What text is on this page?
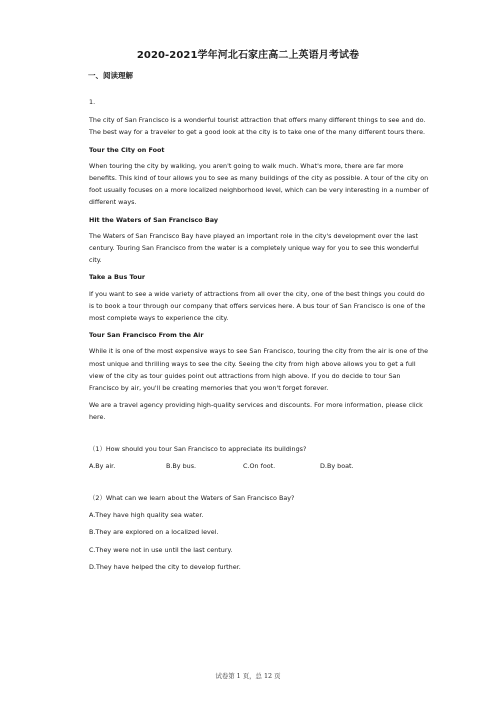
2020-2021学年河北石家庄高二上英语月考试卷
一、阅读理解

1.

The city of San Francisco is a wonderful tourist attraction that offers many different things to see and do. The best way for a traveler to get a good look at the city is to take one of the many different tours there.

Tour the City on Foot

When touring the city by walking, you aren't going to walk much. What's more, there are far more benefits. This kind of tour allows you to see as many buildings of the city as possible. A tour of the city on foot usually focuses on a more localized neighborhood level, which can be very interesting in a number of different ways.

Hit the Waters of San Francisco Bay

The Waters of San Francisco Bay have played an important role in the city's development over the last century. Touring San Francisco from the water is a completely unique way for you to see this wonderful city.

Take a Bus Tour

If you want to see a wide variety of attractions from all over the city, one of the best things you could do is to book a tour through our company that offers services here. A bus tour of San Francisco is one of the most complete ways to experience the city.

Tour San Francisco From the Air

While it is one of the most expensive ways to see San Francisco, touring the city from the air is one of the most unique and thrilling ways to see the city. Seeing the city from high above allows you to get a full view of the city as tour guides point out attractions from high above. If you do decide to tour San Francisco by air, you'll be creating memories that you won't forget forever.

We are a travel agency providing high-quality services and discounts. For more information, please click here.

（1）How should you tour San Francisco to appreciate its buildings?

A.By air.	B.By bus.	C.On foot.	D.By boat.

（2）What can we learn about the Waters of San Francisco Bay?

A.They have high quality sea water.

B.They are explored on a localized level.

C.They were not in use until the last century.

D.They have helped the city to develop further.

试卷第 1 页，总 12 页
